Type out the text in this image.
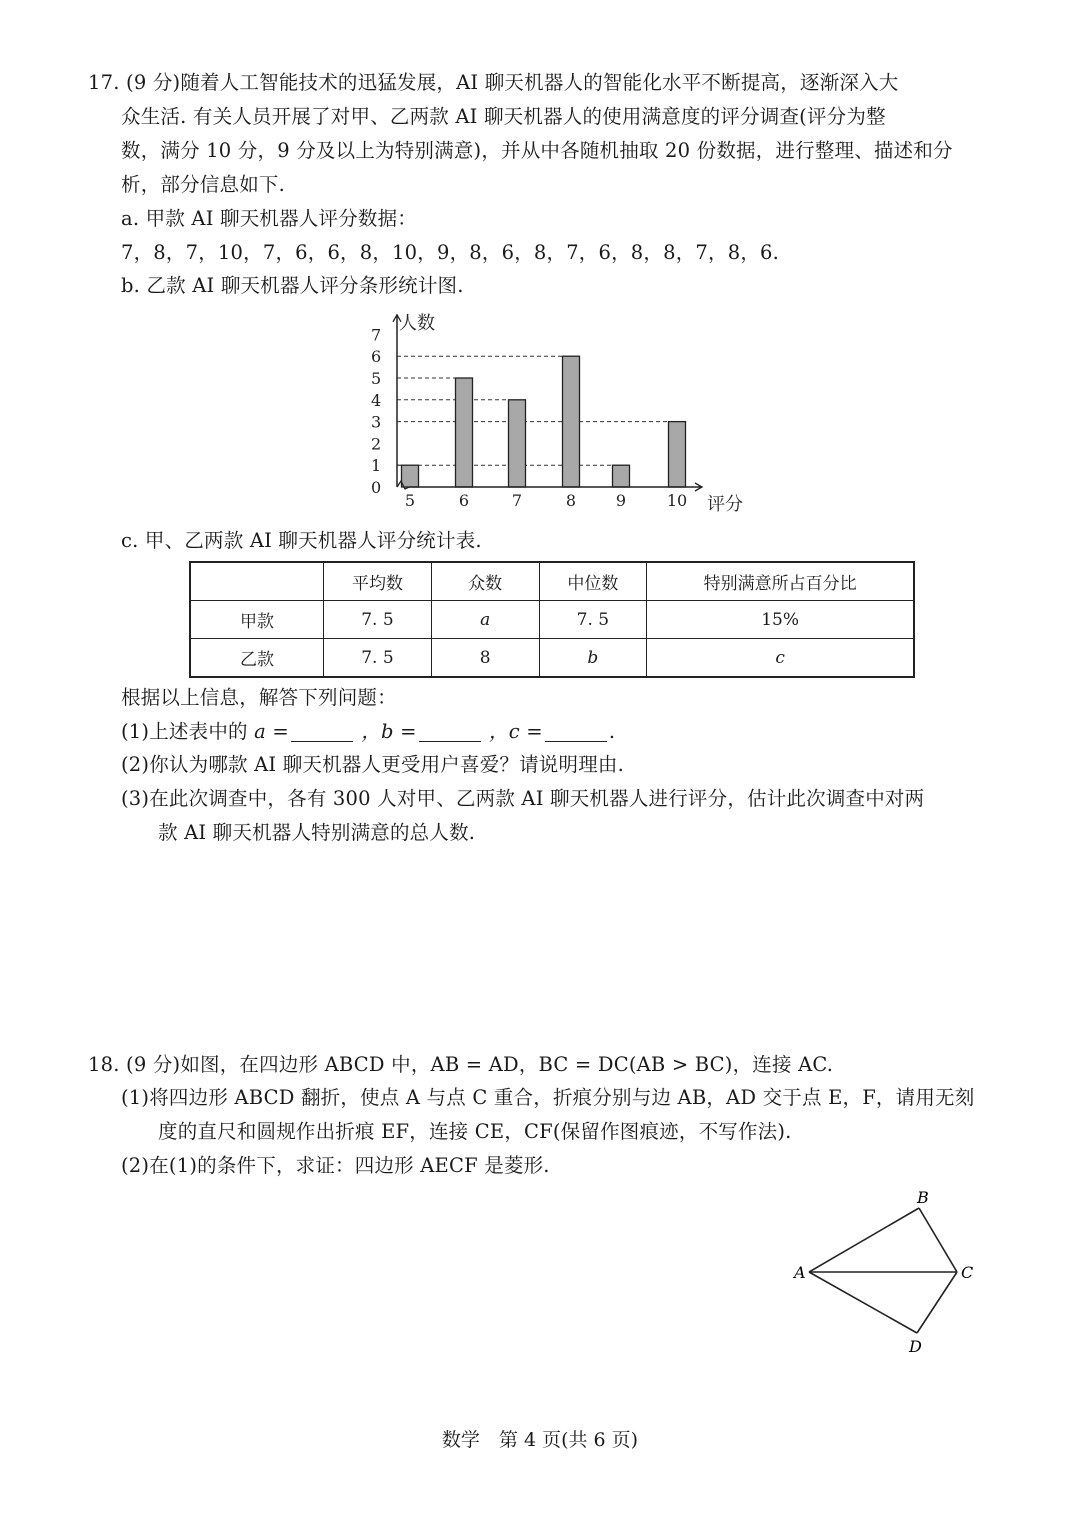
17. (9 分)随着人工智能技术的迅猛发展，AI 聊天机器人的智能化水平不断提高，逐渐深入大
众生活. 有关人员开展了对甲、乙两款 AI 聊天机器人的使用满意度的评分调查(评分为整
数，满分 10 分，9 分及以上为特别满意)，并从中各随机抽取 20 份数据，进行整理、描述和分
析，部分信息如下.
a. 甲款 AI 聊天机器人评分数据：
7，8，7，10，7，6，6，8，10，9，8，6，8，7，6，8，8，7，8，6.
b. 乙款 AI 聊天机器人评分条形统计图.
0
1
2
3
4
5
6
7
5	6	7	8 9	10
人数
评分
c. 甲、乙两款 AI 聊天机器人评分统计表.
	平均数	众数	中位数	特别满意所占百分比
甲款	7. 5	a	7. 5	15%
乙款	7. 5	8	b	c
根据以上信息，解答下列问题：
(1)上述表中的 a =	，b =	，c =	.
(2)你认为哪款 AI 聊天机器人更受用户喜爱？请说明理由.
(3)在此次调查中，各有 300 人对甲、乙两款 AI 聊天机器人进行评分，估计此次调查中对两
款 AI 聊天机器人特别满意的总人数.
18. (9 分)如图，在四边形 ABCD 中，AB = AD，BC = DC(AB > BC)，连接 AC.
(1)将四边形 ABCD 翻折，使点 A 与点 C 重合，折痕分别与边 AB，AD 交于点 E，F，请用无刻
度的直尺和圆规作出折痕 EF，连接 CE，CF(保留作图痕迹，不写作法).
(2)在(1)的条件下，求证：四边形 AECF 是菱形.
A
B
C
D
数学　第 4 页(共 6 页)
